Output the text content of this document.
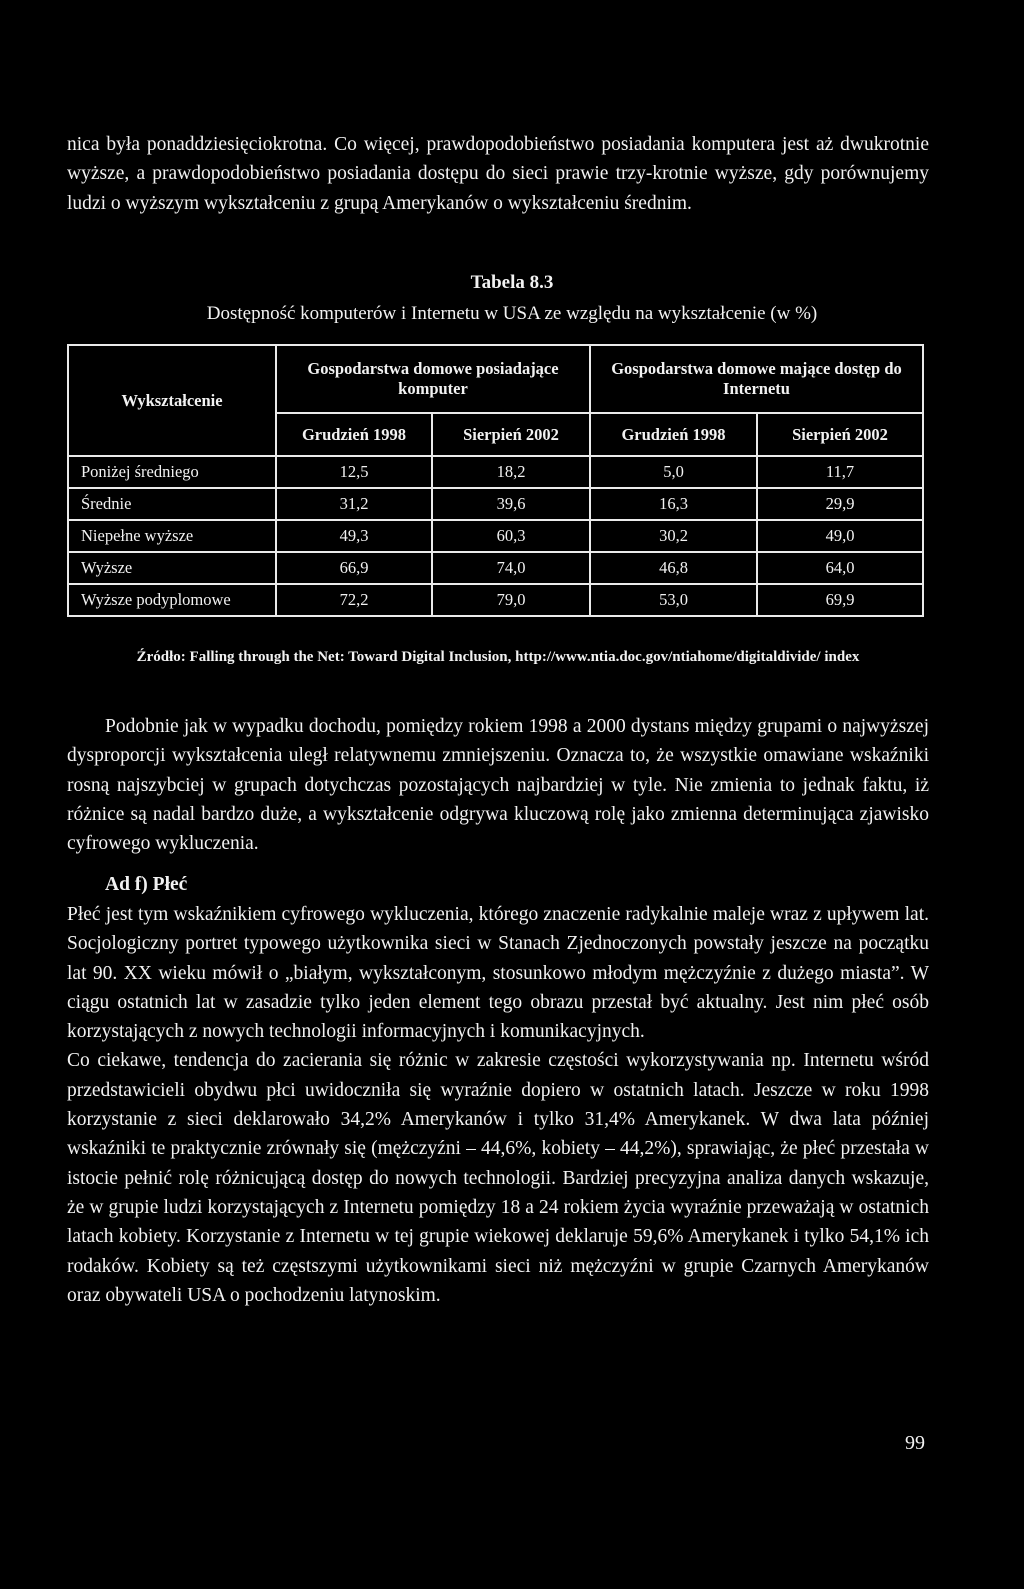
nica była ponaddziesięciokrotna. Co więcej, prawdopodobieństwo posiadania komputera jest aż dwukrotnie wyższe, a prawdopodobieństwo posiadania dostępu do sieci prawie trzy-krotnie wyższe, gdy porównujemy ludzi o wyższym wykształceniu z grupą Amerykanów o wykształceniu średnim.

Tabela 8.3
Dostępność komputerów i Internetu w USA ze względu na wykształcenie (w %)
Wykształcenie	Gospodarstwa domowe posiadające komputer		Gospodarstwa domowe mające dostęp do Internetu	
	Grudzień 1998	Sierpień 2002	Grudzień 1998	Sierpień 2002
Poniżej średniego	12,5	18,2	5,0	11,7
Średnie	31,2	39,6	16,3	29,9
Niepełne wyższe	49,3	60,3	30,2	49,0
Wyższe	66,9	74,0	46,8	64,0
Wyższe podyplomowe	72,2	79,0	53,0	69,9
Źródło: Falling through the Net: Toward Digital Inclusion, http://www.ntia.doc.gov/ntiahome/digitaldivide/ index

Podobnie jak w wypadku dochodu, pomiędzy rokiem 1998 a 2000 dystans między grupami o najwyższej dysproporcji wykształcenia uległ relatywnemu zmniejszeniu. Oznacza to, że wszystkie omawiane wskaźniki rosną najszybciej w grupach dotychczas pozostających najbardziej w tyle. Nie zmienia to jednak faktu, iż różnice są nadal bardzo duże, a wykształcenie odgrywa kluczową rolę jako zmienna determinująca zjawisko cyfrowego wykluczenia.

Ad f) Płeć

Płeć jest tym wskaźnikiem cyfrowego wykluczenia, którego znaczenie radykalnie maleje wraz z upływem lat. Socjologiczny portret typowego użytkownika sieci w Stanach Zjednoczonych powstały jeszcze na początku lat 90. XX wieku mówił o „białym, wykształconym, stosunkowo młodym mężczyźnie z dużego miasta”. W ciągu ostatnich lat w zasadzie tylko jeden element tego obrazu przestał być aktualny. Jest nim płeć osób korzystających z nowych technologii informacyjnych i komunikacyjnych.

Co ciekawe, tendencja do zacierania się różnic w zakresie częstości wykorzystywania np. Internetu wśród przedstawicieli obydwu płci uwidoczniła się wyraźnie dopiero w ostatnich latach. Jeszcze w roku 1998 korzystanie z sieci deklarowało 34,2% Amerykanów i tylko 31,4% Amerykanek. W dwa lata później wskaźniki te praktycznie zrównały się (mężczyźni – 44,6%, kobiety – 44,2%), sprawiając, że płeć przestała w istocie pełnić rolę różnicującą dostęp do nowych technologii. Bardziej precyzyjna analiza danych wskazuje, że w grupie ludzi korzystających z Internetu pomiędzy 18 a 24 rokiem życia wyraźnie przeważają w ostatnich latach kobiety. Korzystanie z Internetu w tej grupie wiekowej deklaruje 59,6% Amerykanek i tylko 54,1% ich rodaków. Kobiety są też częstszymi użytkownikami sieci niż mężczyźni w grupie Czarnych Amerykanów oraz obywateli USA o pochodzeniu latynoskim.

99
